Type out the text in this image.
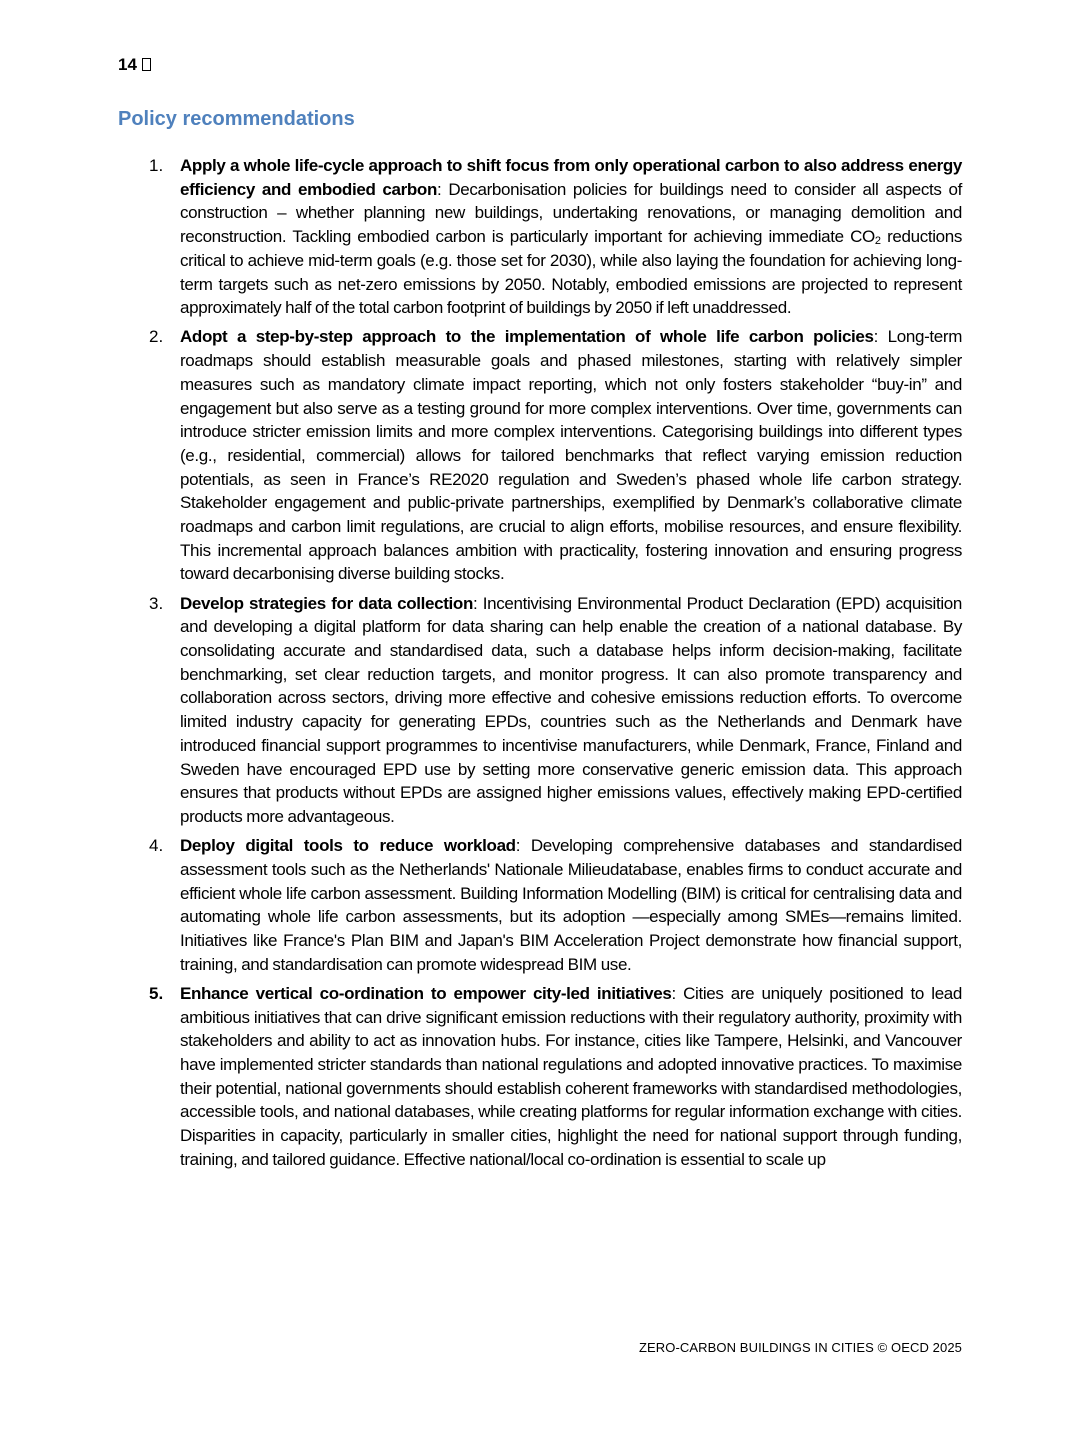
14
Policy recommendations
1. Apply a whole life-cycle approach to shift focus from only operational carbon to also address energy efficiency and embodied carbon: Decarbonisation policies for buildings need to consider all aspects of construction – whether planning new buildings, undertaking renovations, or managing demolition and reconstruction. Tackling embodied carbon is particularly important for achieving immediate $CO_2$ reductions critical to achieve mid-term goals (e.g. those set for 2030), while also laying the foundation for achieving long-term targets such as net-zero emissions by 2050. Notably, embodied emissions are projected to represent approximately half of the total carbon footprint of buildings by 2050 if left unaddressed.
2. Adopt a step-by-step approach to the implementation of whole life carbon policies: Long-term roadmaps should establish measurable goals and phased milestones, starting with relatively simpler measures such as mandatory climate impact reporting, which not only fosters stakeholder “buy-in” and engagement but also serve as a testing ground for more complex interventions. Over time, governments can introduce stricter emission limits and more complex interventions. Categorising buildings into different types (e.g., residential, commercial) allows for tailored benchmarks that reflect varying emission reduction potentials, as seen in France’s RE2020 regulation and Sweden’s phased whole life carbon strategy. Stakeholder engagement and public-private partnerships, exemplified by Denmark’s collaborative climate roadmaps and carbon limit regulations, are crucial to align efforts, mobilise resources, and ensure flexibility. This incremental approach balances ambition with practicality, fostering innovation and ensuring progress toward decarbonising diverse building stocks.
3. Develop strategies for data collection: Incentivising Environmental Product Declaration (EPD) acquisition and developing a digital platform for data sharing can help enable the creation of a national database. By consolidating accurate and standardised data, such a database helps inform decision-making, facilitate benchmarking, set clear reduction targets, and monitor progress. It can also promote transparency and collaboration across sectors, driving more effective and cohesive emissions reduction efforts. To overcome limited industry capacity for generating EPDs, countries such as the Netherlands and Denmark have introduced financial support programmes to incentivise manufacturers, while Denmark, France, Finland and Sweden have encouraged EPD use by setting more conservative generic emission data. This approach ensures that products without EPDs are assigned higher emissions values, effectively making EPD-certified products more advantageous.
4. Deploy digital tools to reduce workload: Developing comprehensive databases and standardised assessment tools such as the Netherlands' Nationale Milieudatabase, enables firms to conduct accurate and efficient whole life carbon assessment. Building Information Modelling (BIM) is critical for centralising data and automating whole life carbon assessments, but its adoption —especially among SMEs—remains limited. Initiatives like France's Plan BIM and Japan's BIM Acceleration Project demonstrate how financial support, training, and standardisation can promote widespread BIM use.
5. Enhance vertical co-ordination to empower city-led initiatives: Cities are uniquely positioned to lead ambitious initiatives that can drive significant emission reductions with their regulatory authority, proximity with stakeholders and ability to act as innovation hubs. For instance, cities like Tampere, Helsinki, and Vancouver have implemented stricter standards than national regulations and adopted innovative practices. To maximise their potential, national governments should establish coherent frameworks with standardised methodologies, accessible tools, and national databases, while creating platforms for regular information exchange with cities. Disparities in capacity, particularly in smaller cities, highlight the need for national support through funding, training, and tailored guidance. Effective national/local co-ordination is essential to scale up
ZERO-CARBON BUILDINGS IN CITIES © OECD 2025
